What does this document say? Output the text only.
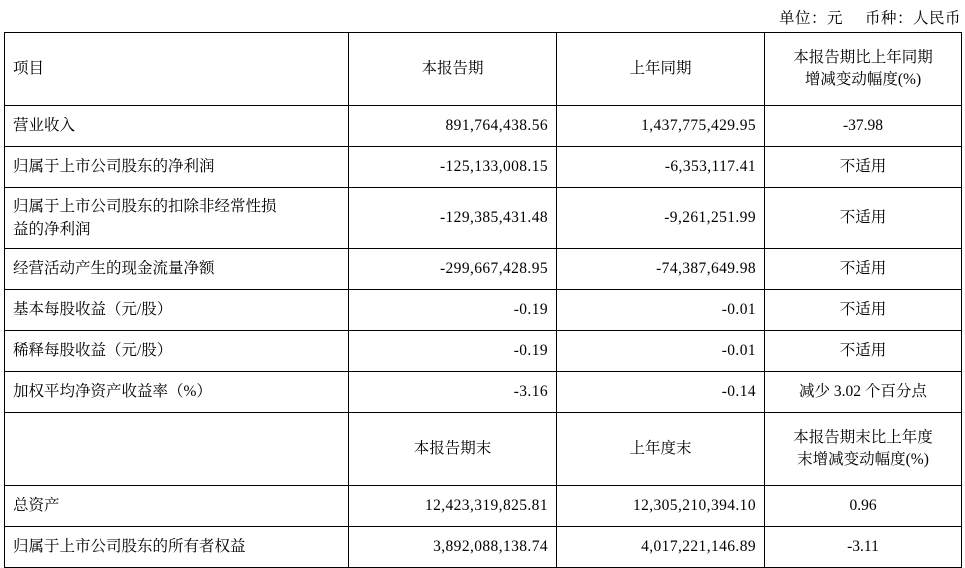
单位：元 币种：人民币
项目	本报告期	上年同期	本报告期比上年同期
增减变动幅度(%)

营业收入	891,764,438.56	1,437,775,429.95	-37.98
归属于上市公司股东的净利润	-125,133,008.15	-6,353,117.41	不适用

归属于上市公司股东的扣除非经常性损
益的净利润	-129,385,431.48	-9,261,251.99	不适用
经营活动产生的现金流量净额	-299,667,428.95	-74,387,649.98	不适用
基本每股收益（元/股）	-0.19	-0.01	不适用
稀释每股收益（元/股）	-0.19	-0.01	不适用
加权平均净资产收益率（%）	-3.16	-0.14	减少 3.02 个百分点
	本报告期末	上年度末	本报告期末比上年度
末增减变动幅度(%)

总资产	12,423,319,825.81	12,305,210,394.10	0.96
归属于上市公司股东的所有者权益	3,892,088,138.74	4,017,221,146.89	-3.11
